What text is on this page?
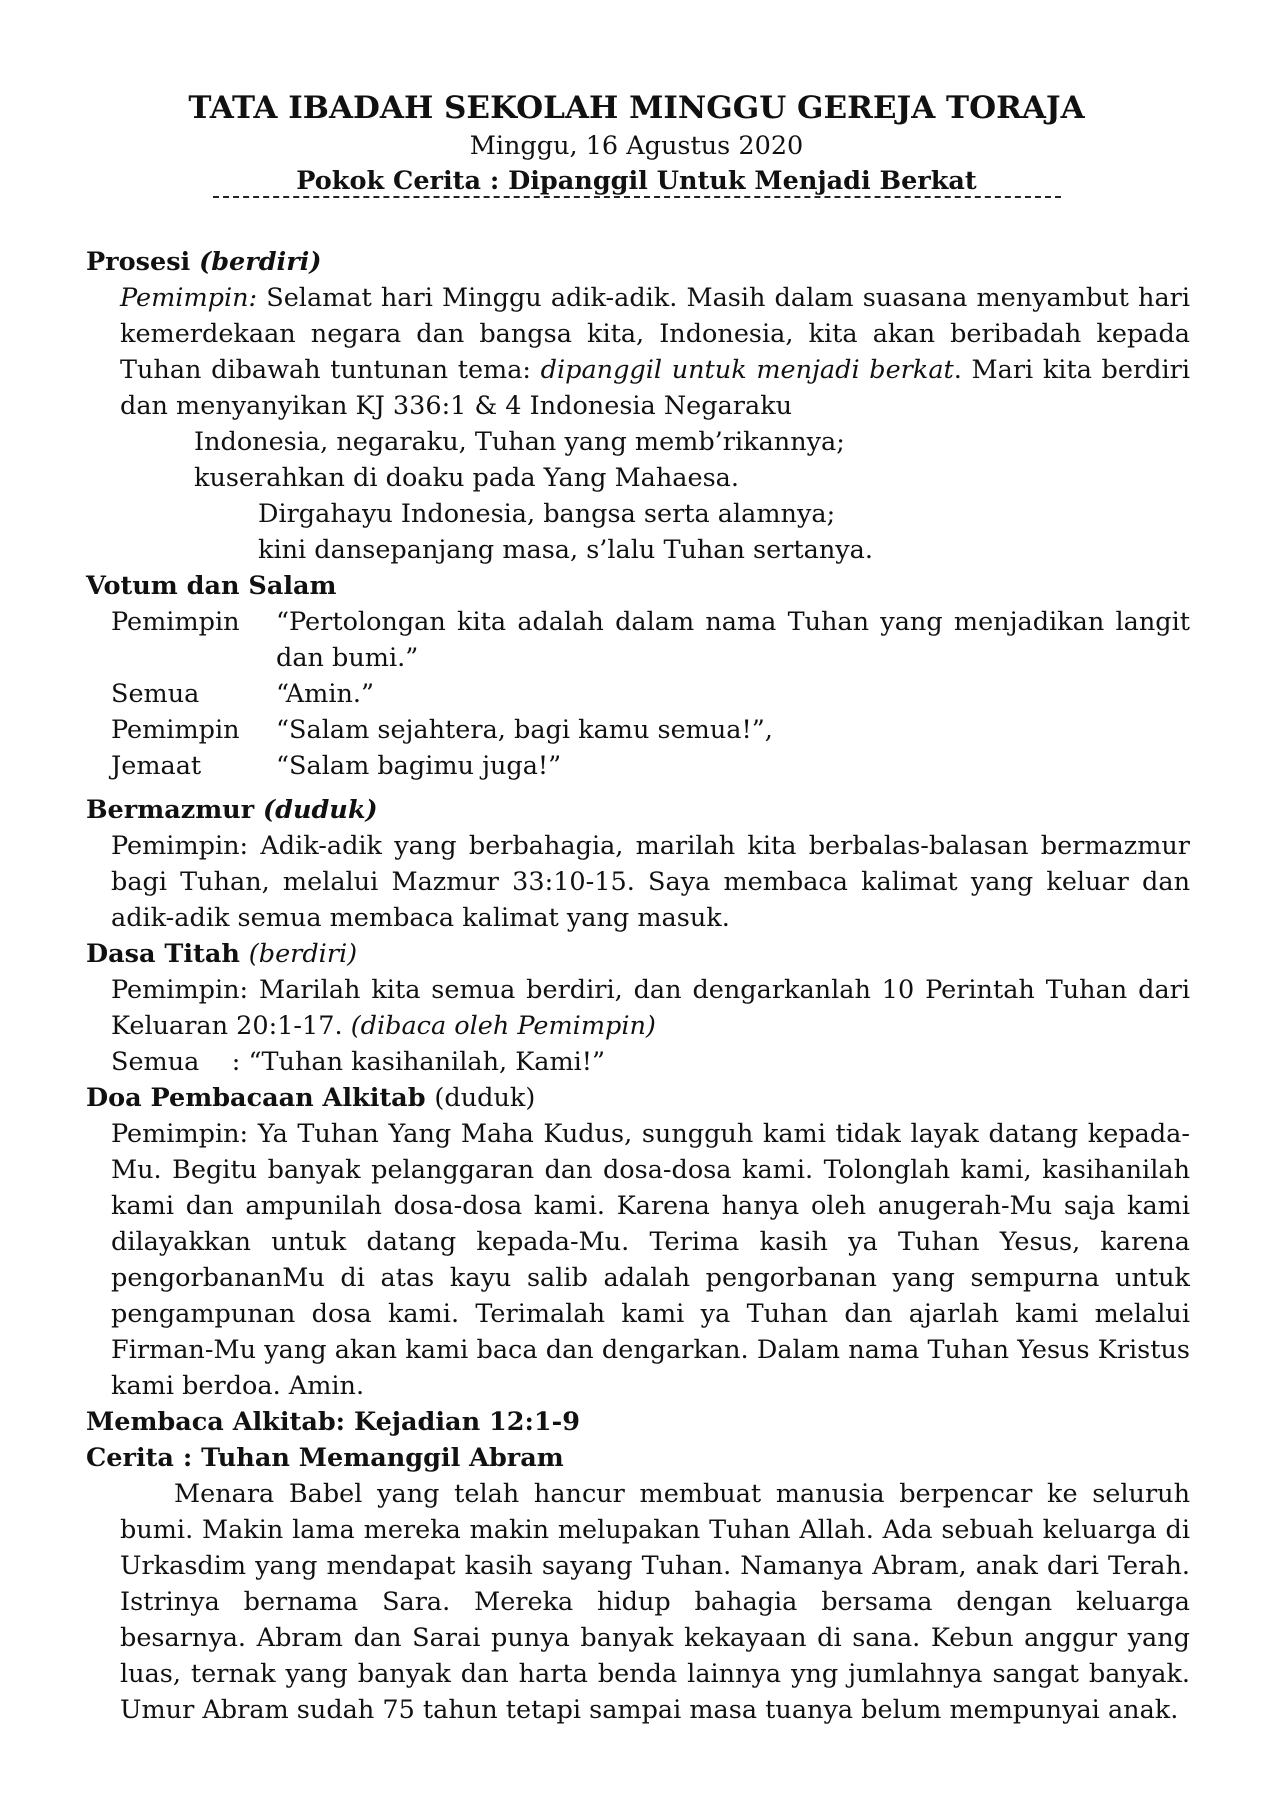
TATA IBADAH SEKOLAH MINGGU GEREJA TORAJA

Minggu, 16 Agustus 2020

Pokok Cerita : Dipanggil Untuk Menjadi Berkat

Prosesi (berdiri)

Pemimpin: Selamat hari Minggu adik-adik. Masih dalam suasana menyambut hari kemerdekaan negara dan bangsa kita, Indonesia, kita akan beribadah kepada Tuhan dibawah tuntunan tema: dipanggil untuk menjadi berkat. Mari kita berdiri dan menyanyikan KJ 336:1 & 4 Indonesia Negaraku

Indonesia, negaraku, Tuhan yang memb’rikannya;

kuserahkan di doaku pada Yang Mahaesa.

Dirgahayu Indonesia, bangsa serta alamnya;

kini dansepanjang masa, s’lalu Tuhan sertanya.

Votum dan Salam

Pemimpin	“Pertolongan kita adalah dalam nama Tuhan yang menjadikan langit dan bumi.”
Semua	“Amin.”
Pemimpin	“Salam sejahtera, bagi kamu semua!”,
Jemaat	“Salam bagimu juga!”

Bermazmur (duduk)

Pemimpin: Adik-adik yang berbahagia, marilah kita berbalas-balasan bermazmur bagi Tuhan, melalui Mazmur 33:10-15. Saya membaca kalimat yang keluar dan adik-adik semua membaca kalimat yang masuk.

Dasa Titah (berdiri)

Pemimpin: Marilah kita semua berdiri, dan dengarkanlah 10 Perintah Tuhan dari Keluaran 20:1-17. (dibaca oleh Pemimpin)

Semua    : “Tuhan kasihanilah, Kami!”

Doa Pembacaan Alkitab (duduk)

Pemimpin: Ya Tuhan Yang Maha Kudus, sungguh kami tidak layak datang kepada-Mu. Begitu banyak pelanggaran dan dosa-dosa kami. Tolonglah kami, kasihanilah kami dan ampunilah dosa-dosa kami. Karena hanya oleh anugerah-Mu saja kami dilayakkan untuk datang kepada-Mu. Terima kasih ya Tuhan Yesus, karena pengorbananMu di atas kayu salib adalah pengorbanan yang sempurna untuk pengampunan dosa kami. Terimalah kami ya Tuhan dan ajarlah kami melalui Firman-Mu yang akan kami baca dan dengarkan. Dalam nama Tuhan Yesus Kristus kami berdoa. Amin.

Membaca Alkitab: Kejadian 12:1-9

Cerita : Tuhan Memanggil Abram

Menara Babel yang telah hancur membuat manusia berpencar ke seluruh bumi. Makin lama mereka makin melupakan Tuhan Allah. Ada sebuah keluarga di Urkasdim yang mendapat kasih sayang Tuhan. Namanya Abram, anak dari Terah. Istrinya bernama Sara. Mereka hidup bahagia bersama dengan keluarga besarnya. Abram dan Sarai punya banyak kekayaan di sana. Kebun anggur yang luas, ternak yang banyak dan harta benda lainnya yng jumlahnya sangat banyak. Umur Abram sudah 75 tahun tetapi sampai masa tuanya belum mempunyai anak.
